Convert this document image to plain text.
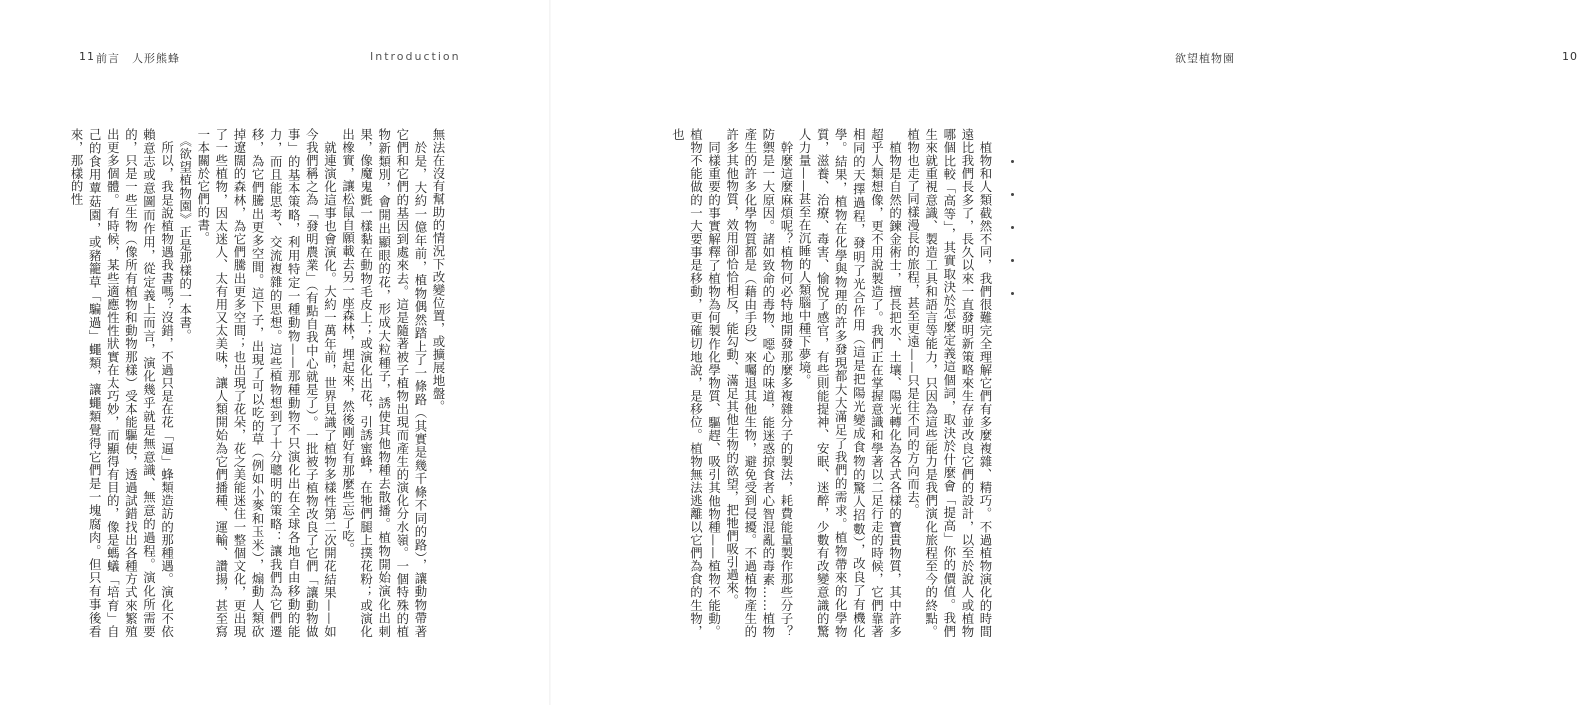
11 前言　人形熊蜂	Introduction
無法在沒有幫助的情況下改變位置，或擴展地盤。
　於是，大約一億年前，植物偶然踏上了一條路（其實是幾千條不同的路），讓動物帶著它們和它們的基因到處來去。這是隨著被子植物出現而產生的演化分水嶺。一個特殊的植物新類別，會開出顯眼的花，形成大粒種子，誘使其他物種去散播。植物開始演化出刺果，像魔鬼氈一樣黏在動物毛皮上；或演化出花，引誘蜜蜂，在牠們腿上撲花粉；或演化出橡實，讓松鼠自願載去另一座森林，埋起來，然後剛好有那麼些忘了吃。
　就連演化這事也會演化。大約一萬年前，世界見識了植物多樣性第二次開花結果——如今我們稱之為「發明農業」（有點自我中心就是了）。一批被子植物改良了它們「讓動物做事」的基本策略，利用特定一種動物——那種動物不只演化出在全球各地自由移動的能力，而且能思考、交流複雜的思想。這些植物想到了十分聰明的策略：讓我們為它們遷移，為它們騰出更多空間。這下子，出現了可以吃的草（例如小麥和玉米），煽動人類砍掉遼闊的森林，為它們騰出更多空間；也出現了花朵，花之美能迷住一整個文化，更出現了一些植物，因太迷人、太有用又太美味，讓人類開始為它們播種、運輸、讚揚，甚至寫一本關於它們的書。
　《欲望植物園》正是那樣的一本書。
　所以，我是說植物遇我書嗎？沒錯，不過只是在花「逼」蜂類造訪的那種遇。演化不依賴意志或意圖而作用，從定義上而言，演化幾乎就是無意識、無意的過程。演化所需要的，只是一些生物（像所有植物和動物那樣）受本能驅使，透過試錯找出各種方式來繁殖出更多個體。有時候，某些適應性性狀實在太巧妙，而顯得有目的，像是螞蟻「培育」自己的食用蕈菇園，或豬籠草「騙過」蠅類，讓蠅類覺得它們是一塊腐肉。但只有事後看來，那樣的性
欲望植物園	10
　植物和人類截然不同，我們很難完全理解它們有多麼複雜、精巧。不過植物演化的時間遠比我們長多了，長久以來一直發明新策略來生存並改良它們的設計，以至於說人或植物哪個比較「高等」，其實取決於怎麼定義這個詞，取決於什麼會「提高」你的價值。我們生來就重視意識、製造工具和語言等能力，只因為這些能力是我們演化旅程至今的終點。植物也走了同樣漫長的旅程，甚至更遠——只是往不同的方向而去。
　植物是自然的鍊金術士，擅長把水、土壤、陽光轉化為各式各樣的寶貴物質，其中許多超乎人類想像，更不用說製造了。我們正在掌握意識和學著以二足行走的時候，它們靠著相同的天擇過程，發明了光合作用（這是把陽光變成食物的驚人招數），改良了有機化學。結果，植物在化學與物理的許多發現都大大滿足了我們的需求。植物帶來的化學物質，滋養、治療、毒害、愉悅了感官，有些則能提神、安眠、迷醉，少數有改變意識的驚人力量——甚至在沉睡的人類腦中種下夢境。
　幹麼這麼麻煩呢？植物何必特地開發那麼多複雜分子的製法，耗費能量製作那些分子？防禦是一大原因。諸如致命的毒物、噁心的味道，能迷惑掠食者心智混亂的毒素……植物產生的許多化學物質都是（藉由手段）來囑退其他生物，避免受到侵擾。不過植物產生的許多其他物質，效用卻恰恰相反，能勾動、滿足其他生物的欲望，把牠們吸引過來。
　同樣重要的事實解釋了植物為何製作化學物質、驅趕、吸引其他物種——植物不能動。植物不能做的一大要事是移動，更確切地說，是移位。植物無法逃離以它們為食的生物，也
